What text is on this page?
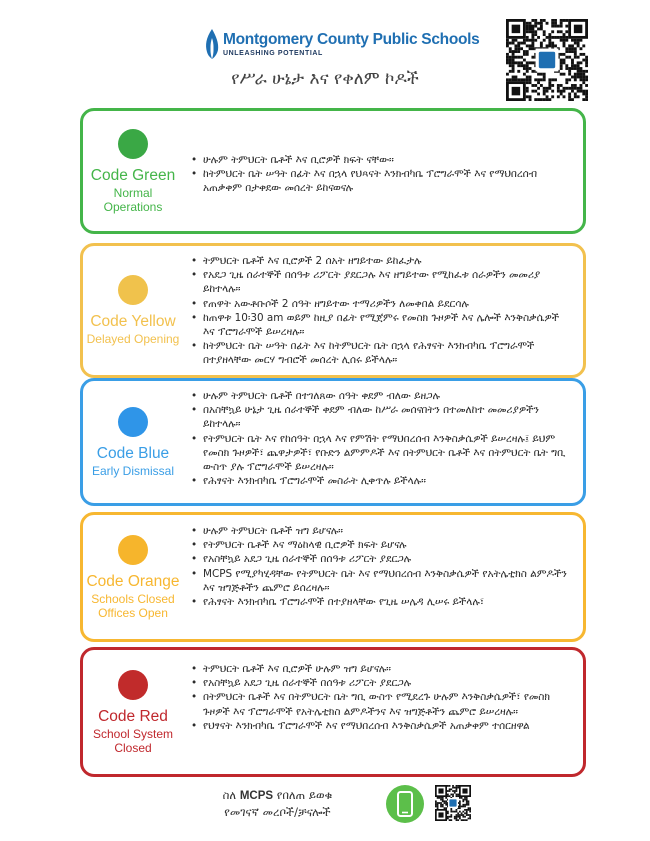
Montgomery County Public Schools
UNLEASHING POTENTIAL
የሥራ ሁኔታ እና የቀለም ኮዶች
Code Green
Normal Operations
• ሁሉም ትምህርት ቤቶች እና ቢሮዎች ክፍት ናቸው።
• ከትምህርት ቤት ሠዓት በፊት እና በኋላ የህጻናት እንክብካቤ ፕሮግራሞች እና የማህበረሰብ አጠቃቀም በታቀደው መሰረት ይከናወናሉ
Code Yellow
Delayed Opening
• ትምህርት ቤቶች እና ቢሮዎች 2 ሰአት ዘግይተው ይከፈታሉ
• የአደጋ ጊዜ ሰራተኞች በሰዓቱ ሪፖርት ያደርጋሉ እና ዘግይተው የሚከፈቱ ሰራዎችን መመሪያ ይከተላሉ።
• የጠዋት አውቶቡሶች 2 ሰዓት ዘግይተው ተማሪዎችን ለመቀበል ይደርሳሉ
• ከጠዋቱ 10፡30 am ወይም ከዚያ በፊት የሚጀምሩ የመስክ ጉዞዎች እና ሌሎች እንቅስቃሴዎች እና ፕሮግራሞች ይሠረዛሉ።
• ከትምህርት ቤት ሠዓት በፊት እና ከትምህርት ቤት በኋላ የሕፃናት እንክብካቤ ፕሮግራሞች በተያዘላቸው መርሃ ግብሮች መሰረት ሊሰሩ ይችላሉ።
Code Blue
Early Dismissal
• ሁሉም ትምህርት ቤቶች በተገለጸው ሰዓት ቀደም ብለው ይዘጋሉ
• በአስቸኳይ ሁኔታ ጊዜ ሰራተኞች ቀደም ብለው ከሥራ መሰናበትን በተመለከተ መመሪያዎችን ይከተላሉ።
• የትምህርት ቤት እና የከሰዓት በኋላ እና የምሽት የማህበረሰብ እንቅስቃሴዎች ይሠረዛሉ፤ ይህም የመስክ ጉዞዎች፣ ጨዋታዎች፣ የቡድን ልምምዶች እና በትምህርት ቤቶች እና በትምህርት ቤት ግቢ ውስጥ ያሉ ፕሮግራሞች ይሠረዛሉ።
• የሕፃናት እንክብካቤ ፕሮግራሞች መስራት ሊቀጥሉ ይችላሉ።
Code Orange
Schools Closed Offices Open
• ሁሉም ትምህርት ቤቶች ዝግ ይሆናሉ።
• የትምህርት ቤቶች እና ማዕከላዊ ቢሮዎች ክፍት ይሆናሉ
• የአስቸኳይ አደጋ ጊዜ ሰራተኞች በሰዓቱ ሪፖርት ያደርጋሉ
• MCPS የሚያካሂዳቸው የትምህርት ቤት እና የማህበረሰብ እንቅስቃሴዎች የአትሌቲክስ ልምዶችን እና ዝግጅቶችን ጨምሮ ይሰረዛሉ።
• የሕፃናት እንክብካቤ ፕሮግራሞች በተያዘላቸው የጊዜ ሠሌዳ ሊሠሩ ይችላሉ፣
Code Red
School System Closed
• ትምህርት ቤቶች እና ቢሮዎች ሁሉም ዝግ ይሆናሉ።
• የአስቸኳይ አደጋ ጊዜ ሰራተኞች በሰዓቱ ሪፖርት ያደርጋሉ
• በትምህርት ቤቶች እና በትምህርት ቤት ግቢ ውስጥ የሚደረጉ ሁሉም እንቅስቃሴዎች፣ የመስክ ጉዞዎች እና ፕሮግራሞች የአትሌቲክስ ልምዶችንና እና ዝግጅቶችን ጨምሮ ይሠረዛሉ።
• የህፃናት እንክብካቤ ፕሮግራሞች እና የማህበረሰብ እንቅስቃሴዎች አጠቃቀም ተሰርዘዋል
ስለ MCPS የበለጠ ይወቁ
የመገናኛ መረቦች/ቻናሎች
